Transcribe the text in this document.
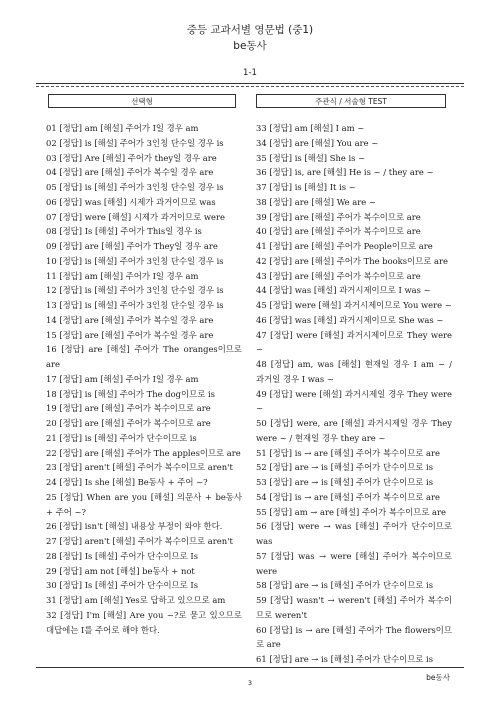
중등 교과서별 영문법 (중1)
be동사
1-1
선택형	주관식 / 서술형 TEST
01 [정답] am [해설] 주어가 I일 경우 am
02 [정답] is [해설] 주어가 3인칭 단수일 경우 is
03 [정답] Are [해설] 주어가 they일 경우 are
04 [정답] are [해설] 주어가 복수일 경우 are
05 [정답] is [해설] 주어가 3인칭 단수일 경우 is
06 [정답] was [해설] 시제가 과거이므로 was
07 [정답] were [해설] 시제가 과거이므로 were
08 [정답] Is [해설] 주어가 This일 경우 is
09 [정답] are [해설] 주어가 They일 경우 are
10 [정답] is [해설] 주어가 3인칭 단수일 경우 is
11 [정답] am [해설] 주어가 I일 경우 am
12 [정답] is [해설] 주어가 3인칭 단수일 경우 is
13 [정답] is [해설] 주어가 3인칭 단수일 경우 is
14 [정답] are [해설] 주어가 복수일 경우 are
15 [정답] are [해설] 주어가 복수일 경우 are
16 [정답] are [해설] 주어가 The oranges이므로
are
17 [정답] am [해설] 주어가 I일 경우 am
18 [정답] is [해설] 주어가 The dog이므로 is
19 [정답] are [해설] 주어가 복수이므로 are
20 [정답] are [해설] 주어가 복수이므로 are
21 [정답] is [해설] 주어가 단수이므로 is
22 [정답] are [해설] 주어가 The apples이므로 are
23 [정답] aren't [해설] 주어가 복수이므로 aren't
24 [정답] Is she [해설] Be동사 + 주어 ~?
25 [정답] When are you [해설] 의문사 + be동사
+ 주어 ~?
26 [정답] isn't [해설] 내용상 부정이 와야 한다.
27 [정답] aren't [해설] 주어가 복수이므로 aren't
28 [정답] Is [해설] 주어가 단수이므로 Is
29 [정답] am not [해설] be동사 + not
30 [정답] Is [해설] 주어가 단수이므로 Is
31 [정답] am [해설] Yes로 답하고 있으므로 am
32 [정답] I'm [해설] Are you ~?로 묻고 있으므로
대답에는 I를 주어로 해야 한다.
33 [정답] am [해설] I am ~
34 [정답] are [해설] You are ~
35 [정답] is [해설] She is ~
36 [정답] is, are [해설] He is ~ / they are ~
37 [정답] is [해설] It is ~
38 [정답] are [해설] We are ~
39 [정답] are [해설] 주어가 복수이므로 are
40 [정답] are [해설] 주어가 복수이므로 are
41 [정답] are [해설] 주어가 People이므로 are
42 [정답] are [해설] 주어가 The books이므로 are
43 [정답] are [해설] 주어가 복수이므로 are
44 [정답] was [해설] 과거시제이므로 I was ~
45 [정답] were [해설] 과거시제이므로 You were ~
46 [정답] was [해설] 과거시제이므로 She was ~
47 [정답] were [해설] 과거시제이므로 They were
~
48 [정답] am, was [해설] 현재일 경우 I am ~ /
과거일 경우 I was ~
49 [정답] were [해설] 과거시제일 경우 They were
~
50 [정답] were, are [해설] 과거시제일 경우 They
were ~ / 현재일 경우 they are ~
51 [정답] is → are [해설] 주어가 복수이므로 are
52 [정답] are → is [해설] 주어가 단수이므로 is
53 [정답] are → is [해설] 주어가 단수이므로 is
54 [정답] is → are [해설] 주어가 복수이므로 are
55 [정답] am → are [해설] 주어가 복수이므로 are
56 [정답] were → was [해설] 주어가 단수이므로
was
57 [정답] was → were [해설] 주어가 복수이므로
were
58 [정답] are → is [해설] 주어가 단수이므로 is
59 [정답] wasn't → weren't [해설] 주어가 복수이
므로 weren't
60 [정답] is → are [해설] 주어가 The flowers이므
로 are
61 [정답] are → is [해설] 주어가 단수이므로 is
be동사
3
